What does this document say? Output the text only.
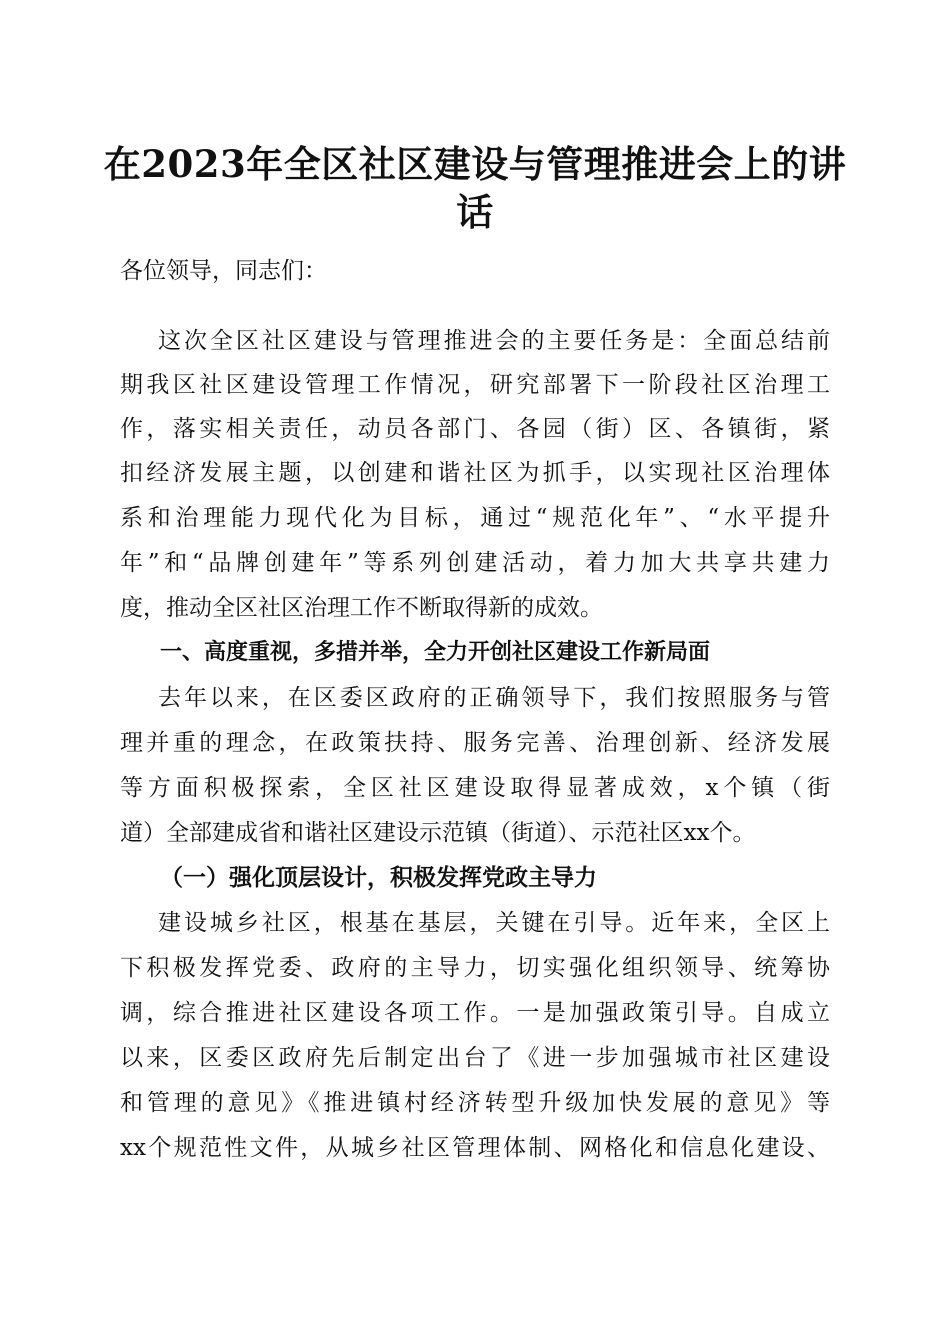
在2023年全区社区建设与管理推进会上的讲
话
各位领导，同志们：
这次全区社区建设与管理推进会的主要任务是：全面总结前
期我区社区建设管理工作情况，研究部署下一阶段社区治理工
作，落实相关责任，动员各部门、各园（街）区、各镇街，紧
扣经济发展主题，以创建和谐社区为抓手，以实现社区治理体
系和治理能力现代化为目标，通过“规范化年”、“水平提升
年”和“品牌创建年”等系列创建活动，着力加大共享共建力
度，推动全区社区治理工作不断取得新的成效。
一、高度重视，多措并举，全力开创社区建设工作新局面
去年以来，在区委区政府的正确领导下，我们按照服务与管
理并重的理念，在政策扶持、服务完善、治理创新、经济发展
等方面积极探索，全区社区建设取得显著成效，x个镇（街
道）全部建成省和谐社区建设示范镇（街道）、示范社区xx个。
（一）强化顶层设计，积极发挥党政主导力
建设城乡社区，根基在基层，关键在引导。近年来，全区上
下积极发挥党委、政府的主导力，切实强化组织领导、统筹协
调，综合推进社区建设各项工作。一是加强政策引导。自成立
以来，区委区政府先后制定出台了《进一步加强城市社区建设
和管理的意见》《推进镇村经济转型升级加快发展的意见》等
xx个规范性文件，从城乡社区管理体制、网格化和信息化建设、
